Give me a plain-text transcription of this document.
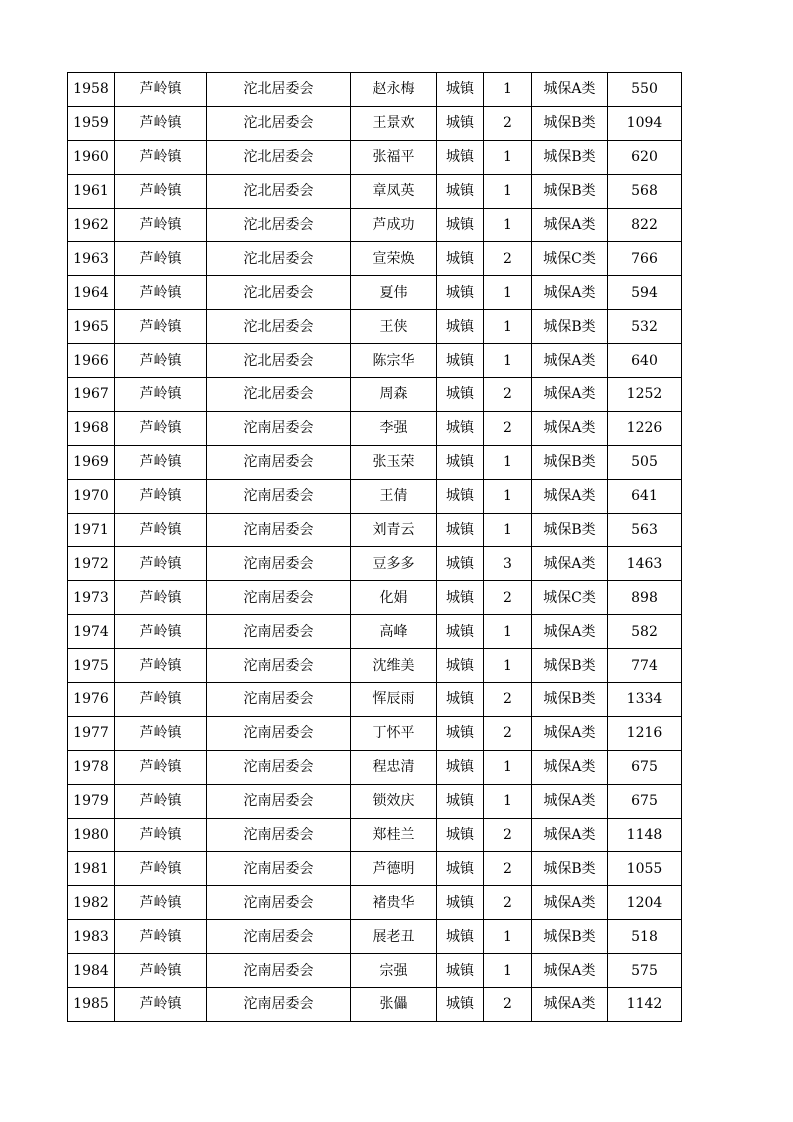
1958	芦岭镇	沱北居委会	赵永梅	城镇	1	城保A类	550
1959	芦岭镇	沱北居委会	王景欢	城镇	2	城保B类	1094
1960	芦岭镇	沱北居委会	张福平	城镇	1	城保B类	620
1961	芦岭镇	沱北居委会	章凤英	城镇	1	城保B类	568
1962	芦岭镇	沱北居委会	芦成功	城镇	1	城保A类	822
1963	芦岭镇	沱北居委会	宣荣焕	城镇	2	城保C类	766
1964	芦岭镇	沱北居委会	夏伟	城镇	1	城保A类	594
1965	芦岭镇	沱北居委会	王侠	城镇	1	城保B类	532
1966	芦岭镇	沱北居委会	陈宗华	城镇	1	城保A类	640
1967	芦岭镇	沱北居委会	周森	城镇	2	城保A类	1252
1968	芦岭镇	沱南居委会	李强	城镇	2	城保A类	1226
1969	芦岭镇	沱南居委会	张玉荣	城镇	1	城保B类	505
1970	芦岭镇	沱南居委会	王倩	城镇	1	城保A类	641
1971	芦岭镇	沱南居委会	刘青云	城镇	1	城保B类	563
1972	芦岭镇	沱南居委会	豆多多	城镇	3	城保A类	1463
1973	芦岭镇	沱南居委会	化娟	城镇	2	城保C类	898
1974	芦岭镇	沱南居委会	高峰	城镇	1	城保A类	582
1975	芦岭镇	沱南居委会	沈维美	城镇	1	城保B类	774
1976	芦岭镇	沱南居委会	恽辰雨	城镇	2	城保B类	1334
1977	芦岭镇	沱南居委会	丁怀平	城镇	2	城保A类	1216
1978	芦岭镇	沱南居委会	程忠清	城镇	1	城保A类	675
1979	芦岭镇	沱南居委会	锁效庆	城镇	1	城保A类	675
1980	芦岭镇	沱南居委会	郑桂兰	城镇	2	城保A类	1148
1981	芦岭镇	沱南居委会	芦德明	城镇	2	城保B类	1055
1982	芦岭镇	沱南居委会	褚贵华	城镇	2	城保A类	1204
1983	芦岭镇	沱南居委会	展老丑	城镇	1	城保B类	518
1984	芦岭镇	沱南居委会	宗强	城镇	1	城保A类	575
1985	芦岭镇	沱南居委会	张儡	城镇	2	城保A类	1142
